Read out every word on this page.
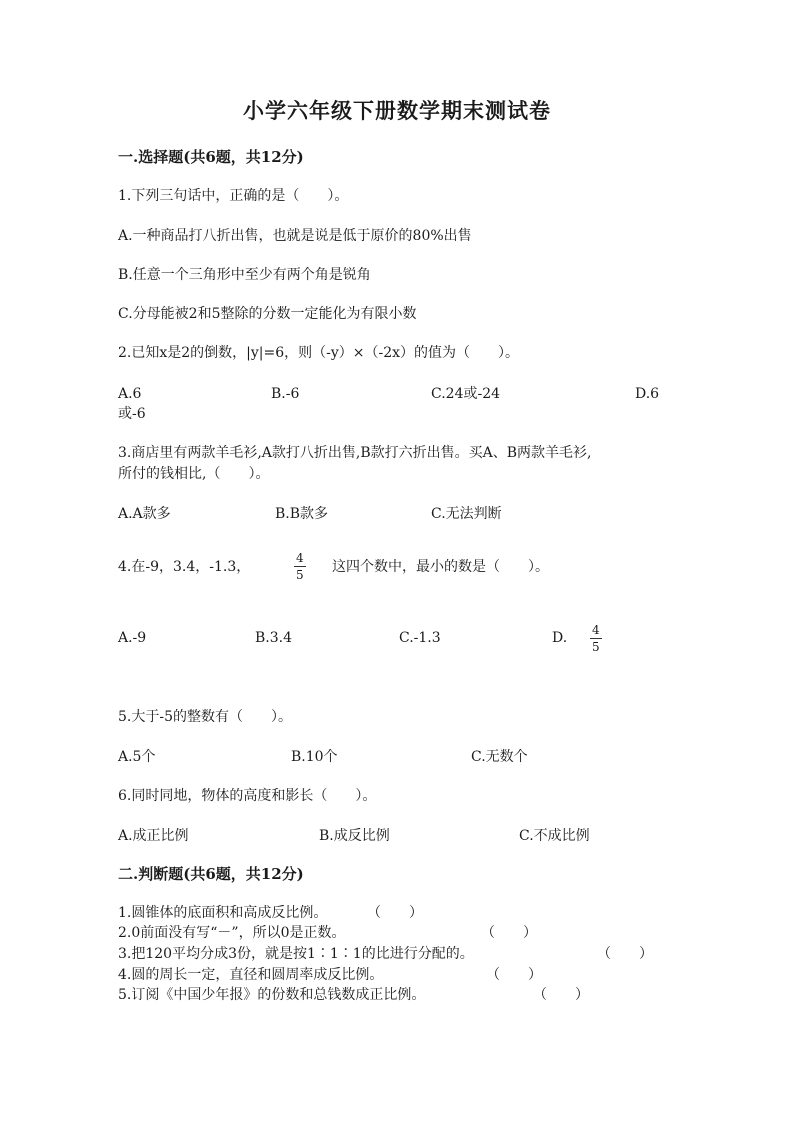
小学六年级下册数学期末测试卷
一.选择题(共6题，共12分)
1.下列三句话中，正确的是（　　）。
A.一种商品打八折出售，也就是说是低于原价的80%出售
B.任意一个三角形中至少有两个角是锐角
C.分母能被2和5整除的分数一定能化为有限小数
2.已知x是2的倒数，|y|=6，则（-y）×（-2x）的值为（　　）。
A.6	B.-6	C.24或-24	D.6
或-6
3.商店里有两款羊毛衫,A款打八折出售,B款打六折出售。买A、B两款羊毛衫,
所付的钱相比,（　　）。
A.A款多	B.B款多	C.无法判断
4.在-9，3.4，-1.3，
4
5 这四个数中，最小的数是（　　）。
A.-9	B.3.4	C.-1.3	D. 4
5
5.大于-5的整数有（　　）。
A.5个	B.10个	C.无数个
6.同时同地，物体的高度和影长（　　）。
A.成正比例	B.成反比例	C.不成比例
二.判断题(共6题，共12分)
1.圆锥体的底面积和高成反比例。	（　　）
2.0前面没有写“－”，所以0是正数。	（　　）
3.把120平均分成3份，就是按1∶1∶1的比进行分配的。	（　　）
4.圆的周长一定，直径和圆周率成反比例。	（　　）
5.订阅《中国少年报》的份数和总钱数成正比例。	（　　）
